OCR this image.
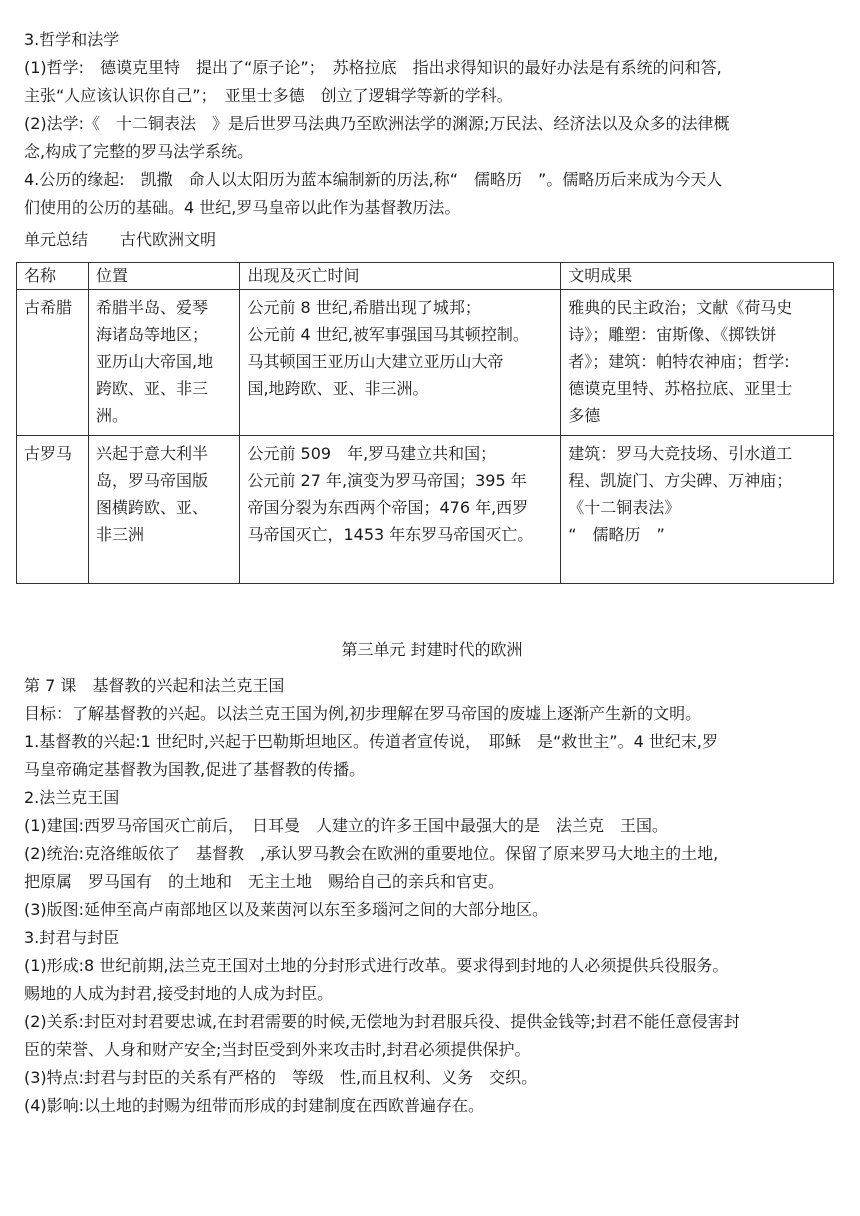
3.哲学和法学
(1)哲学:　德谟克里特　提出了“原子论”；　苏格拉底　指出求得知识的最好办法是有系统的问和答,
主张“人应该认识你自己”；　亚里士多德　创立了逻辑学等新的学科。
(2)法学:《　十二铜表法　》是后世罗马法典乃至欧洲法学的渊源;万民法、经济法以及众多的法律概
念,构成了完整的罗马法学系统。
4.公历的缘起:　凯撒　命人以太阳历为蓝本编制新的历法,称“　儒略历　”。儒略历后来成为今天人
们使用的公历的基础。4 世纪,罗马皇帝以此作为基督教历法。
单元总结　　古代欧洲文明
名称	位置	出现及灭亡时间	文明成果
古希腊	希腊半岛、爱琴
海诸岛等地区；
亚历山大帝国,地
跨欧、亚、非三
洲。	公元前 8 世纪,希腊出现了城邦；
公元前 4 世纪,被军事强国马其顿控制。
马其顿国王亚历山大建立亚历山大帝
国,地跨欧、亚、非三洲。	雅典的民主政治；文献《荷马史
诗》；雕塑：宙斯像、《掷铁饼
者》；建筑：帕特农神庙；哲学:
德谟克里特、苏格拉底、亚里士
多德

古罗马	兴起于意大利半
岛，罗马帝国版
图横跨欧、亚、
非三洲	公元前 509　年,罗马建立共和国；
公元前 27 年,演变为罗马帝国；395 年
帝国分裂为东西两个帝国；476 年,西罗
马帝国灭亡，1453 年东罗马帝国灭亡。	建筑：罗马大竞技场、引水道工
程、凯旋门、方尖碑、万神庙；
《十二铜表法》
“　儒略历　”
第三单元 封建时代的欧洲
第 7 课　基督教的兴起和法兰克王国
目标：了解基督教的兴起。以法兰克王国为例,初步理解在罗马帝国的废墟上逐渐产生新的文明。
1.基督教的兴起:1 世纪时,兴起于巴勒斯坦地区。传道者宣传说，　耶稣　是“救世主”。4 世纪末,罗
马皇帝确定基督教为国教,促进了基督教的传播。
2.法兰克王国
(1)建国:西罗马帝国灭亡前后，　日耳曼　人建立的许多王国中最强大的是　法兰克　王国。
(2)统治:克洛维皈依了　基督教　,承认罗马教会在欧洲的重要地位。保留了原来罗马大地主的土地,
把原属　罗马国有　的土地和　无主土地　赐给自己的亲兵和官吏。
(3)版图:延伸至高卢南部地区以及莱茵河以东至多瑙河之间的大部分地区。
3.封君与封臣
(1)形成:8 世纪前期,法兰克王国对土地的分封形式进行改革。要求得到封地的人必须提供兵役服务。
赐地的人成为封君,接受封地的人成为封臣。
(2)关系:封臣对封君要忠诚,在封君需要的时候,无偿地为封君服兵役、提供金钱等;封君不能任意侵害封
臣的荣誉、人身和财产安全;当封臣受到外来攻击时,封君必须提供保护。
(3)特点:封君与封臣的关系有严格的　等级　性,而且权利、义务　交织。
(4)影响:以土地的封赐为纽带而形成的封建制度在西欧普遍存在。
